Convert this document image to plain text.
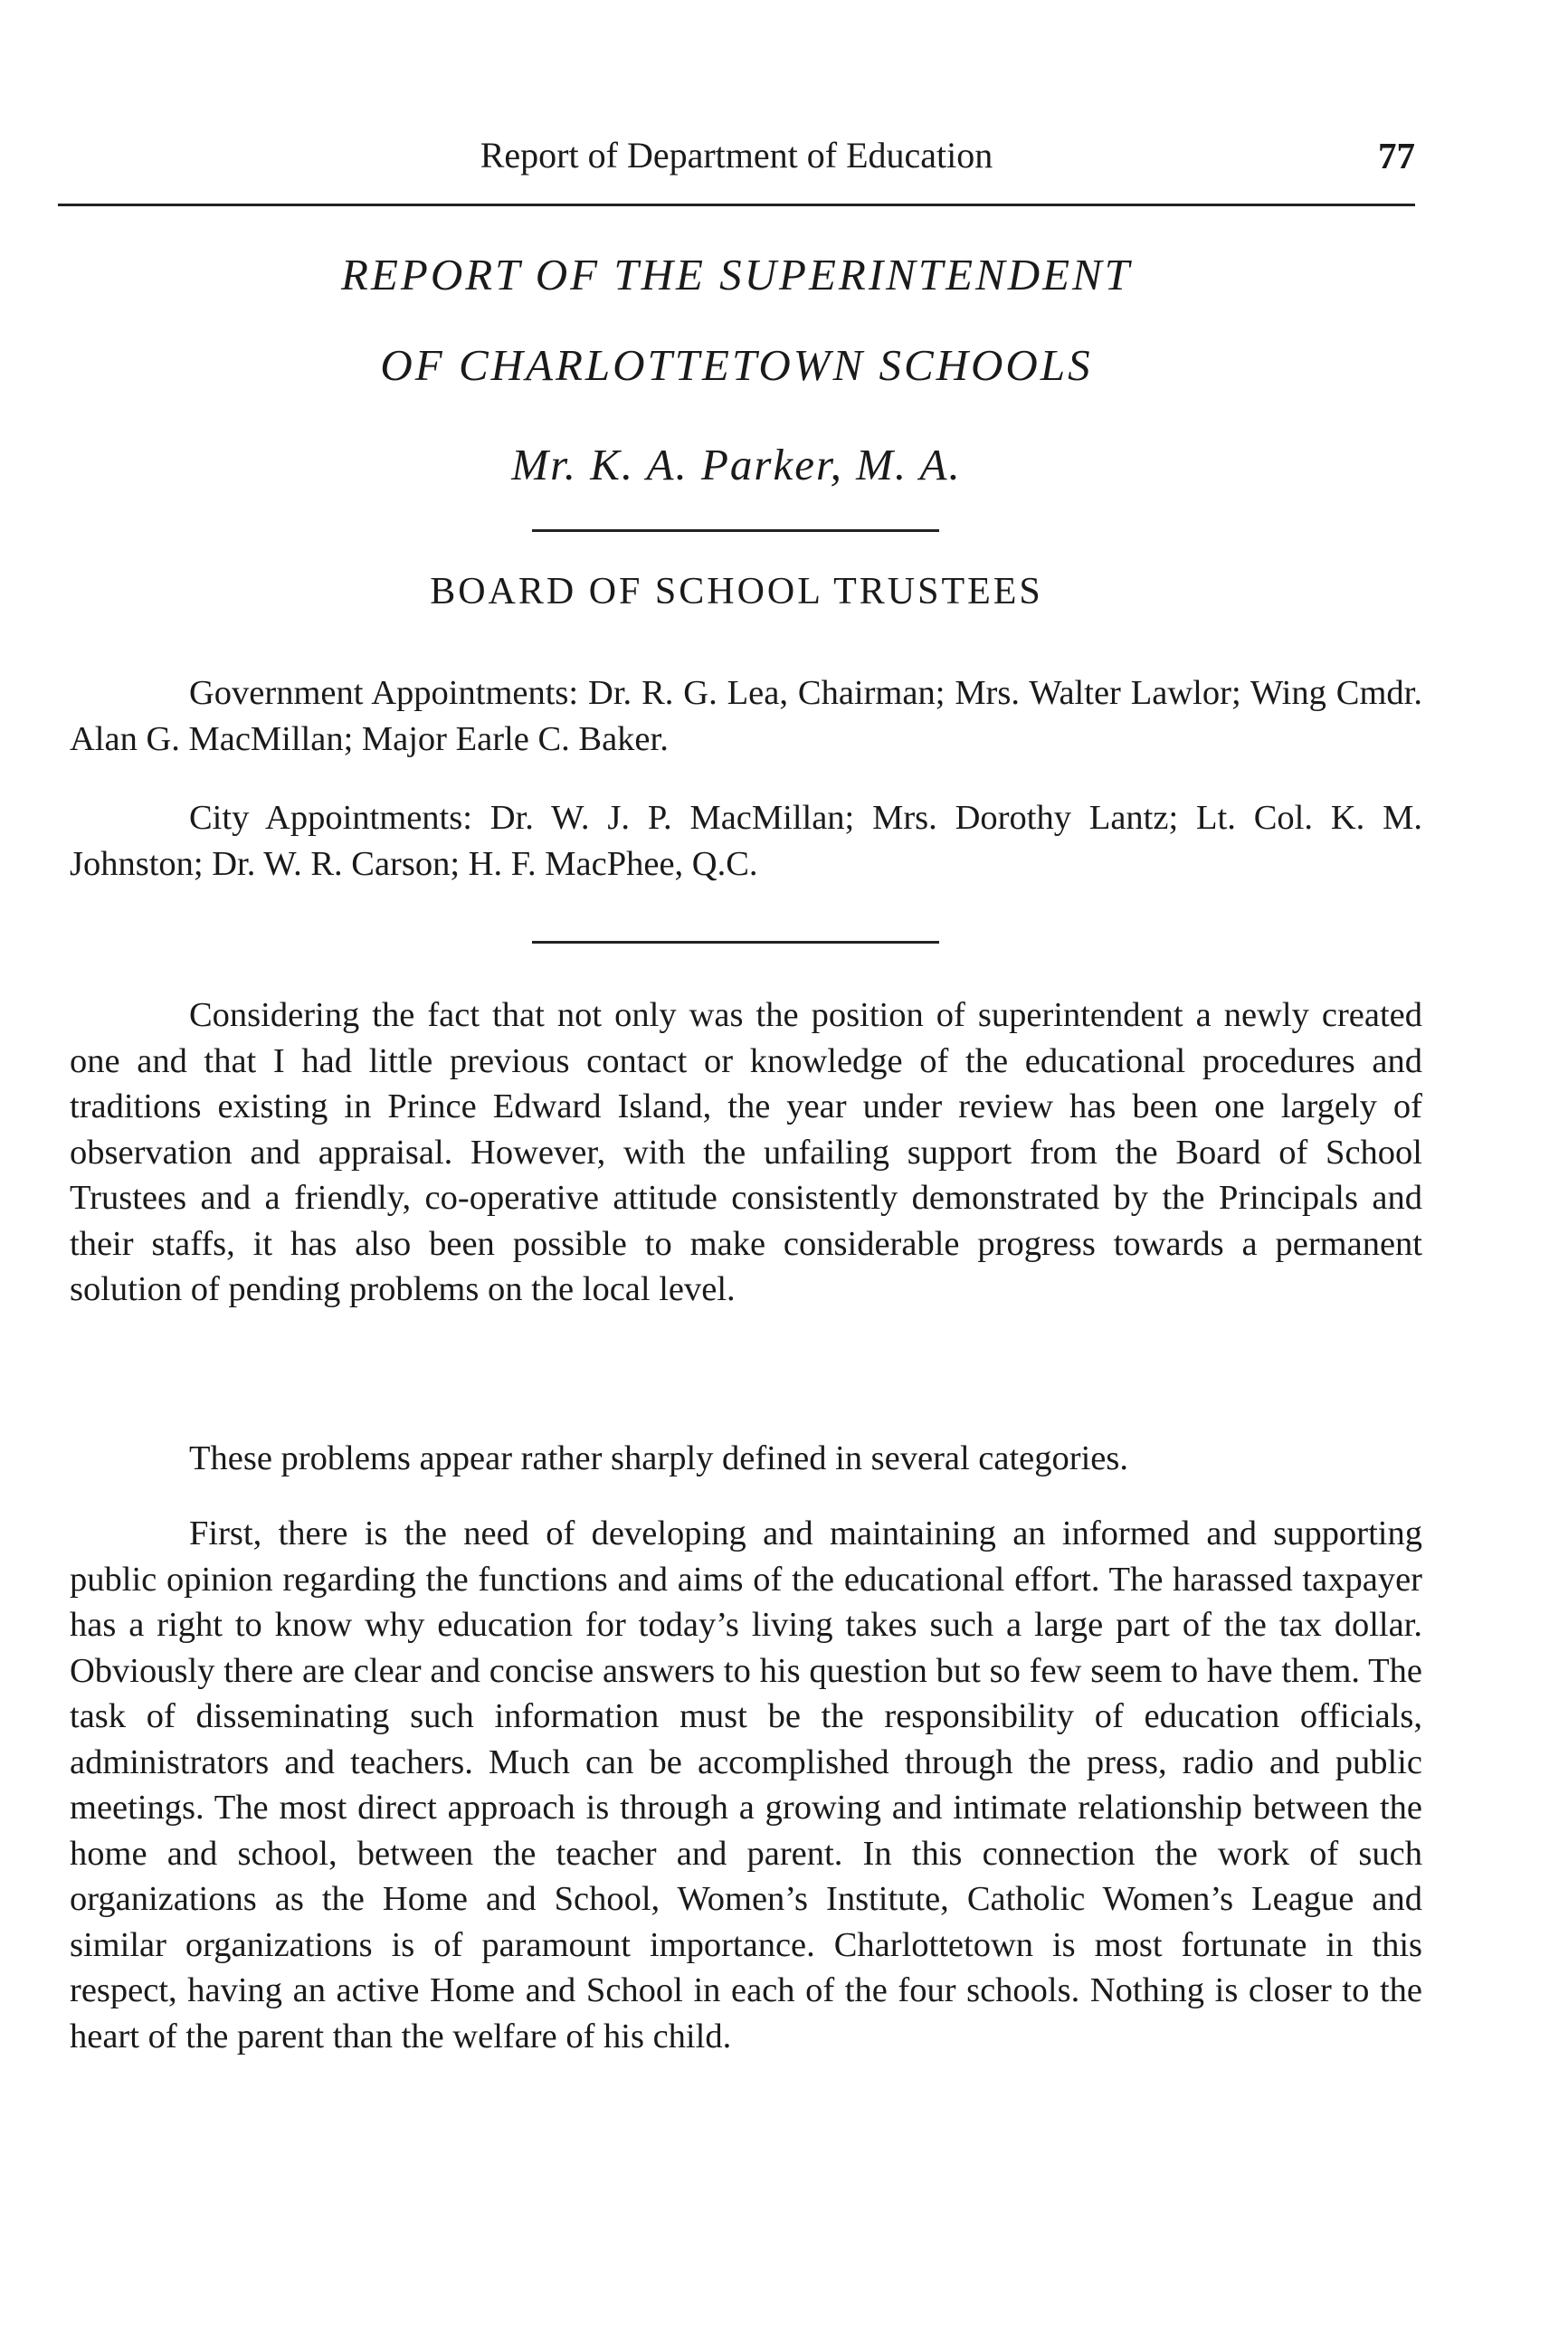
Report of Department of Education	77
REPORT OF THE SUPERINTENDENT
OF CHARLOTTETOWN SCHOOLS
Mr. K. A. Parker, M. A.
BOARD OF SCHOOL TRUSTEES

Government Appointments: Dr. R. G. Lea, Chairman; Mrs. Walter Lawlor; Wing Cmdr. Alan G. MacMillan; Major Earle C. Baker.

City Appointments: Dr. W. J. P. MacMillan; Mrs. Dorothy Lantz; Lt. Col. K. M. Johnston; Dr. W. R. Carson; H. F. MacPhee, Q.C.

Considering the fact that not only was the position of superintendent a newly created one and that I had little previous contact or knowledge of the educational procedures and traditions existing in Prince Edward Island, the year under review has been one largely of observation and appraisal. However, with the unfailing support from the Board of School Trustees and a friendly, co-operative attitude consistently demonstrated by the Principals and their staffs, it has also been possible to make considerable progress towards a permanent solution of pending problems on the local level.

These problems appear rather sharply defined in several categories.

First, there is the need of developing and maintaining an informed and supporting public opinion regarding the functions and aims of the educational effort. The harassed taxpayer has a right to know why education for today’s living takes such a large part of the tax dollar. Obviously there are clear and concise answers to his question but so few seem to have them. The task of disseminating such information must be the responsibility of education officials, administrators and teachers. Much can be accomplished through the press, radio and public meetings. The most direct approach is through a growing and intimate relationship between the home and school, between the teacher and parent. In this connection the work of such organizations as the Home and School, Women’s Institute, Catholic Women’s League and similar organizations is of paramount importance. Charlottetown is most fortunate in this respect, having an active Home and School in each of the four schools. Nothing is closer to the heart of the parent than the welfare of his child.
